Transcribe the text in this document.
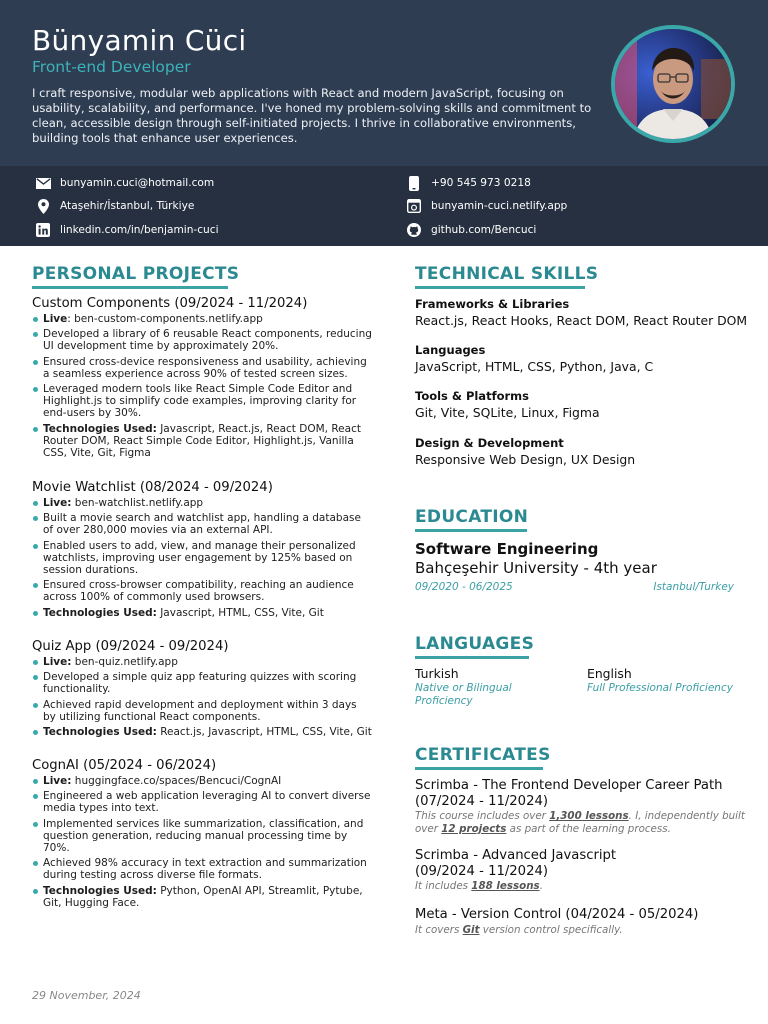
Bünyamin Cüci
Front-end Developer
I craft responsive, modular web applications with React and modern JavaScript, focusing on usability, scalability, and performance. I've honed my problem-solving skills and commitment to clean, accessible design through self-initiated projects. I thrive in collaborative environments, building tools that enhance user experiences.
bunyamin.cuci@hotmail.com	+90 545 973 0218
Ataşehir/İstanbul, Türkiye	bunyamin-cuci.netlify.app
linkedin.com/in/benjamin-cuci	github.com/Bencuci
PERSONAL PROJECTS
Custom Components (09/2024 - 11/2024)
Live: ben-custom-components.netlify.app
Developed a library of 6 reusable React components, reducing UI development time by approximately 20%.
Ensured cross-device responsiveness and usability, achieving a seamless experience across 90% of tested screen sizes.
Leveraged modern tools like React Simple Code Editor and Highlight.js to simplify code examples, improving clarity for end-users by 30%.
Technologies Used: Javascript, React.js, React DOM, React Router DOM, React Simple Code Editor, Highlight.js, Vanilla CSS, Vite, Git, Figma
Movie Watchlist (08/2024 - 09/2024)
Live: ben-watchlist.netlify.app
Built a movie search and watchlist app, handling a database of over 280,000 movies via an external API.
Enabled users to add, view, and manage their personalized watchlists, improving user engagement by 125% based on session durations.
Ensured cross-browser compatibility, reaching an audience across 100% of commonly used browsers.
Technologies Used: Javascript, HTML, CSS, Vite, Git
Quiz App (09/2024 - 09/2024)
Live: ben-quiz.netlify.app
Developed a simple quiz app featuring quizzes with scoring functionality.
Achieved rapid development and deployment within 3 days by utilizing functional React components.
Technologies Used: React.js, Javascript, HTML, CSS, Vite, Git
CognAI (05/2024 - 06/2024)
Live: huggingface.co/spaces/Bencuci/CognAI
Engineered a web application leveraging AI to convert diverse media types into text.
Implemented services like summarization, classification, and question generation, reducing manual processing time by 70%.
Achieved 98% accuracy in text extraction and summarization during testing across diverse file formats.
Technologies Used: Python, OpenAI API, Streamlit, Pytube, Git, Hugging Face.
29 November, 2024
TECHNICAL SKILLS
Frameworks & Libraries
React.js, React Hooks, React DOM, React Router DOM
Languages
JavaScript, HTML, CSS, Python, Java, C
Tools & Platforms
Git, Vite, SQLite, Linux, Figma
Design & Development
Responsive Web Design, UX Design
EDUCATION
Software Engineering
Bahçeşehir University - 4th year
09/2020 - 06/2025	Istanbul/Turkey
LANGUAGES
Turkish
Native or Bilingual Proficiency
English
Full Professional Proficiency
CERTIFICATES
Scrimba - The Frontend Developer Career Path (07/2024 - 11/2024)
This course includes over 1,300 lessons. I, independently built over 12 projects as part of the learning process.
Scrimba - Advanced Javascript (09/2024 - 11/2024)
It includes 188 lessons.
Meta - Version Control (04/2024 - 05/2024)
It covers Git version control specifically.
